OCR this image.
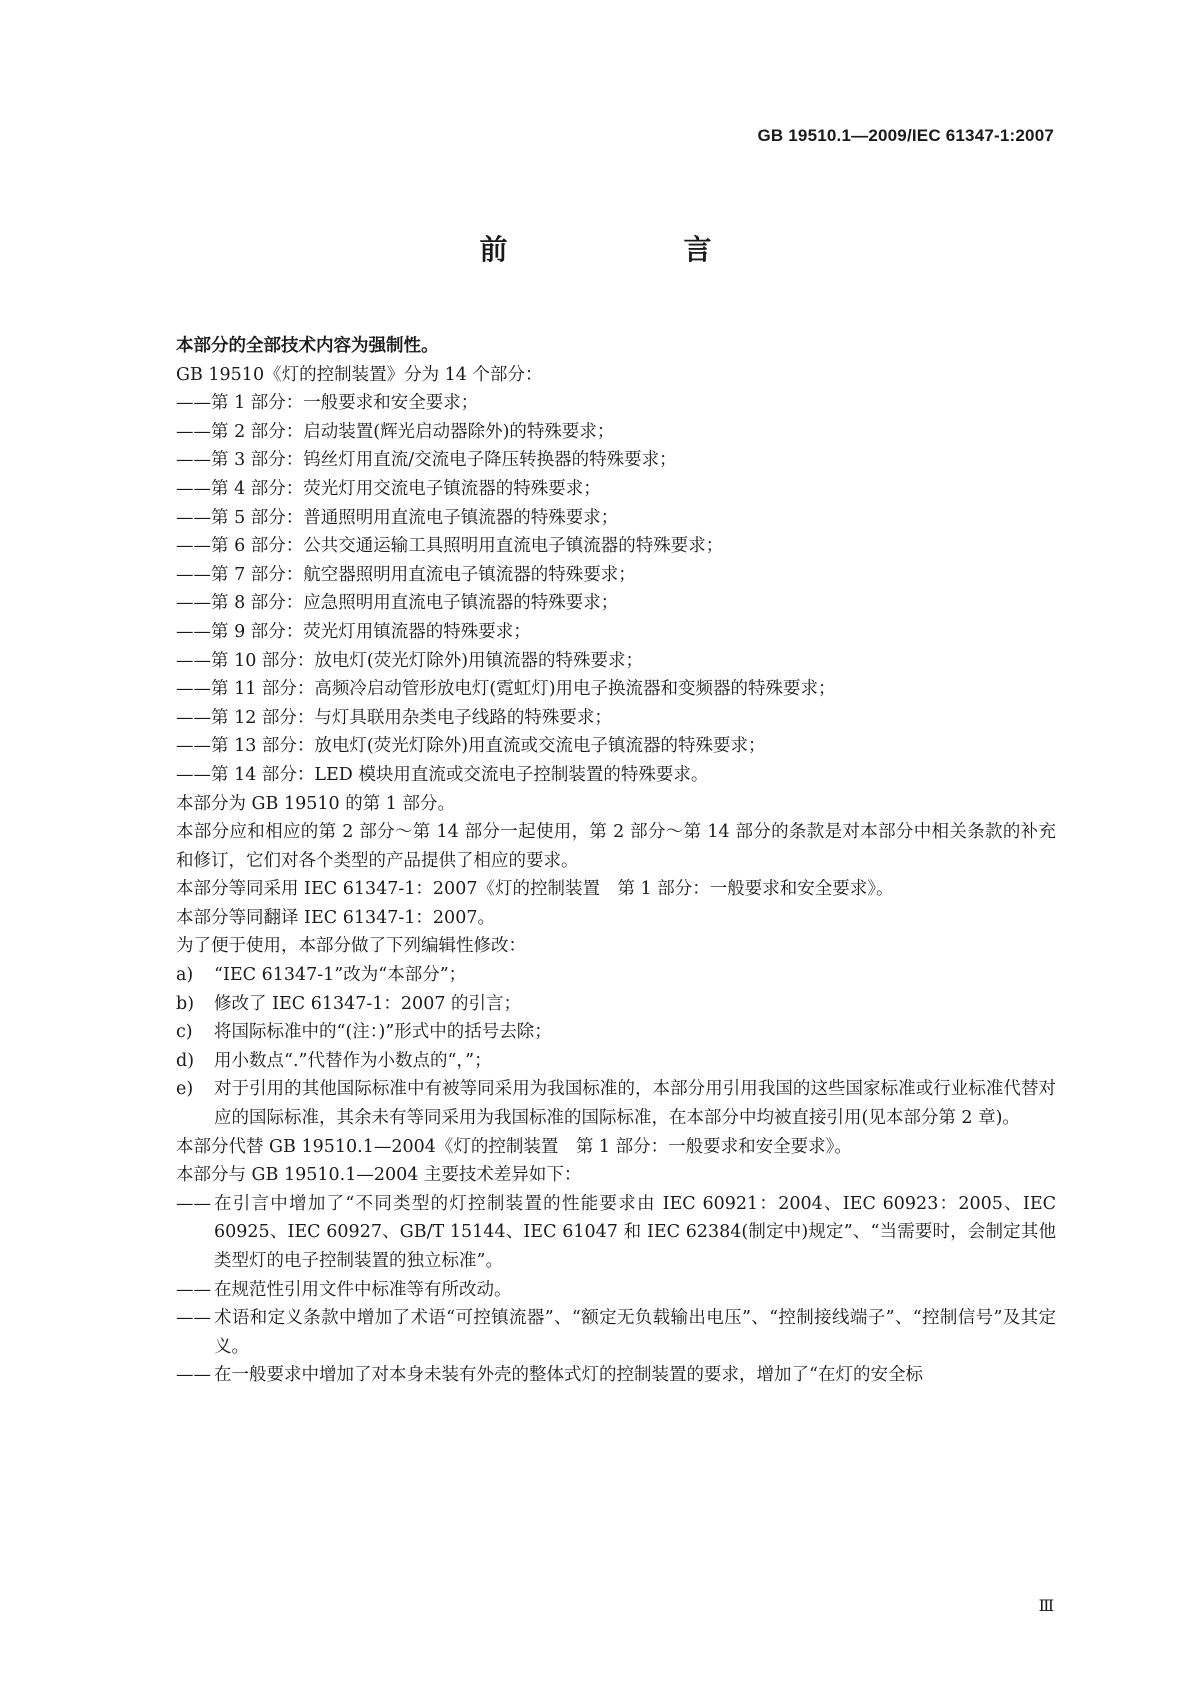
GB 19510.1—2009/IEC 61347-1:2007
前　　言

本部分的全部技术内容为强制性。

GB 19510《灯的控制装置》分为 14 个部分：

——第 1 部分：一般要求和安全要求；

——第 2 部分：启动装置(辉光启动器除外)的特殊要求；

——第 3 部分：钨丝灯用直流/交流电子降压转换器的特殊要求；

——第 4 部分：荧光灯用交流电子镇流器的特殊要求；

——第 5 部分：普通照明用直流电子镇流器的特殊要求；

——第 6 部分：公共交通运输工具照明用直流电子镇流器的特殊要求；

——第 7 部分：航空器照明用直流电子镇流器的特殊要求；

——第 8 部分：应急照明用直流电子镇流器的特殊要求；

——第 9 部分：荧光灯用镇流器的特殊要求；

——第 10 部分：放电灯(荧光灯除外)用镇流器的特殊要求；

——第 11 部分：高频冷启动管形放电灯(霓虹灯)用电子换流器和变频器的特殊要求；

——第 12 部分：与灯具联用杂类电子线路的特殊要求；

——第 13 部分：放电灯(荧光灯除外)用直流或交流电子镇流器的特殊要求；

——第 14 部分：LED 模块用直流或交流电子控制装置的特殊要求。

本部分为 GB 19510 的第 1 部分。

本部分应和相应的第 2 部分～第 14 部分一起使用，第 2 部分～第 14 部分的条款是对本部分中相关条款的补充和修订，它们对各个类型的产品提供了相应的要求。

本部分等同采用 IEC 61347-1：2007《灯的控制装置　第 1 部分：一般要求和安全要求》。

本部分等同翻译 IEC 61347-1：2007。

为了便于使用，本部分做了下列编辑性修改：

a)	“IEC 61347-1”改为“本部分”；
b)	修改了 IEC 61347-1：2007 的引言；
c)	将国际标准中的“(注：)”形式中的括号去除；
d)	用小数点“.”代替作为小数点的“，”；
e)	对于引用的其他国际标准中有被等同采用为我国标准的，本部分用引用我国的这些国家标准或行业标准代替对应的国际标准，其余未有等同采用为我国标准的国际标准，在本部分中均被直接引用(见本部分第 2 章)。

本部分代替 GB 19510.1—2004《灯的控制装置　第 1 部分：一般要求和安全要求》。

本部分与 GB 19510.1—2004 主要技术差异如下：

—— 在引言中增加了“不同类型的灯控制装置的性能要求由 IEC 60921：2004、IEC 60923：2005、IEC 60925、IEC 60927、GB/T 15144、IEC 61047 和 IEC 62384(制定中)规定”、“当需要时，会制定其他类型灯的电子控制装置的独立标准”。
—— 在规范性引用文件中标准等有所改动。
—— 术语和定义条款中增加了术语“可控镇流器”、“额定无负载输出电压”、“控制接线端子”、“控制信号”及其定义。
—— 在一般要求中增加了对本身未装有外壳的整体式灯的控制装置的要求，增加了“在灯的安全标
Ⅲ
